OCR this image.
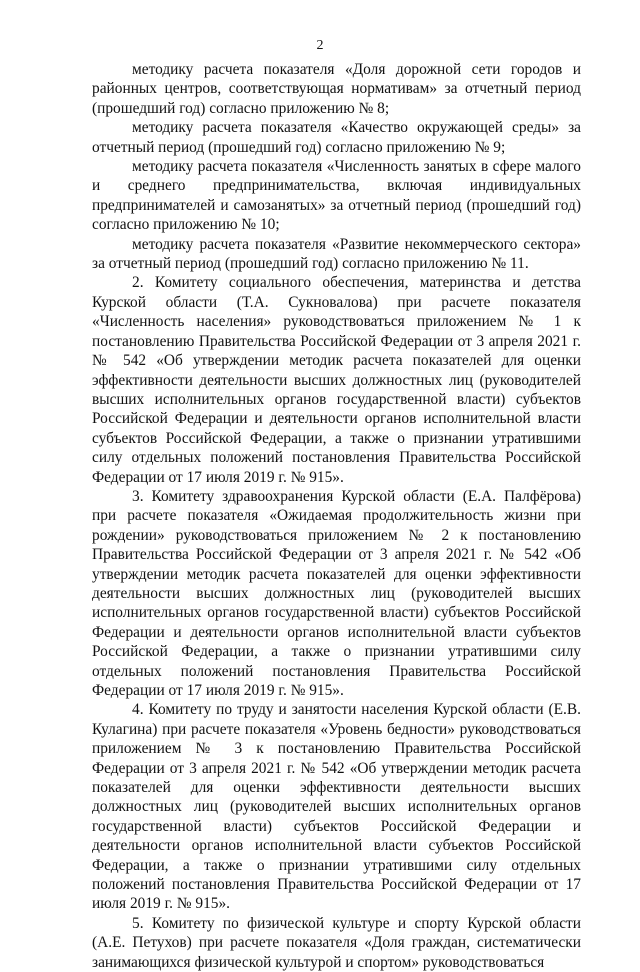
2

методику расчета показателя «Доля дорожной сети городов и районных центров, соответствующая нормативам» за отчетный период (прошедший год) согласно приложению № 8;

методику расчета показателя «Качество окружающей среды» за отчетный период (прошедший год) согласно приложению № 9;

методику расчета показателя «Численность занятых в сфере малого и среднего предпринимательства, включая индивидуальных предпринимателей и самозанятых» за отчетный период (прошедший год) согласно приложению № 10;

методику расчета показателя «Развитие некоммерческого сектора» за отчетный период (прошедший год) согласно приложению № 11.

2. Комитету социального обеспечения, материнства и детства Курской области (Т.А. Сукновалова) при расчете показателя «Численность населения» руководствоваться приложением № 1 к постановлению Правительства Российской Федерации от 3 апреля 2021 г. № 542 «Об утверждении методик расчета показателей для оценки эффективности деятельности высших должностных лиц (руководителей высших исполнительных органов государственной власти) субъектов Российской Федерации и деятельности органов исполнительной власти субъектов Российской Федерации, а также о признании утратившими силу отдельных положений постановления Правительства Российской Федерации от 17 июля 2019 г. № 915».

3. Комитету здравоохранения Курской области (Е.А. Палфёрова) при расчете показателя «Ожидаемая продолжительность жизни при рождении» руководствоваться приложением № 2 к постановлению Правительства Российской Федерации от 3 апреля 2021 г. № 542 «Об утверждении методик расчета показателей для оценки эффективности деятельности высших должностных лиц (руководителей высших исполнительных органов государственной власти) субъектов Российской Федерации и деятельности органов исполнительной власти субъектов Российской Федерации, а также о признании утратившими силу отдельных положений постановления Правительства Российской Федерации от 17 июля 2019 г. № 915».

4. Комитету по труду и занятости населения Курской области (Е.В. Кулагина) при расчете показателя «Уровень бедности» руководствоваться приложением № 3 к постановлению Правительства Российской Федерации от 3 апреля 2021 г. № 542 «Об утверждении методик расчета показателей для оценки эффективности деятельности высших должностных лиц (руководителей высших исполнительных органов государственной власти) субъектов Российской Федерации и деятельности органов исполнительной власти субъектов Российской Федерации, а также о признании утратившими силу отдельных положений постановления Правительства Российской Федерации от 17 июля 2019 г. № 915».

5. Комитету по физической культуре и спорту Курской области (А.Е. Петухов) при расчете показателя «Доля граждан, систематически занимающихся физической культурой и спортом» руководствоваться
